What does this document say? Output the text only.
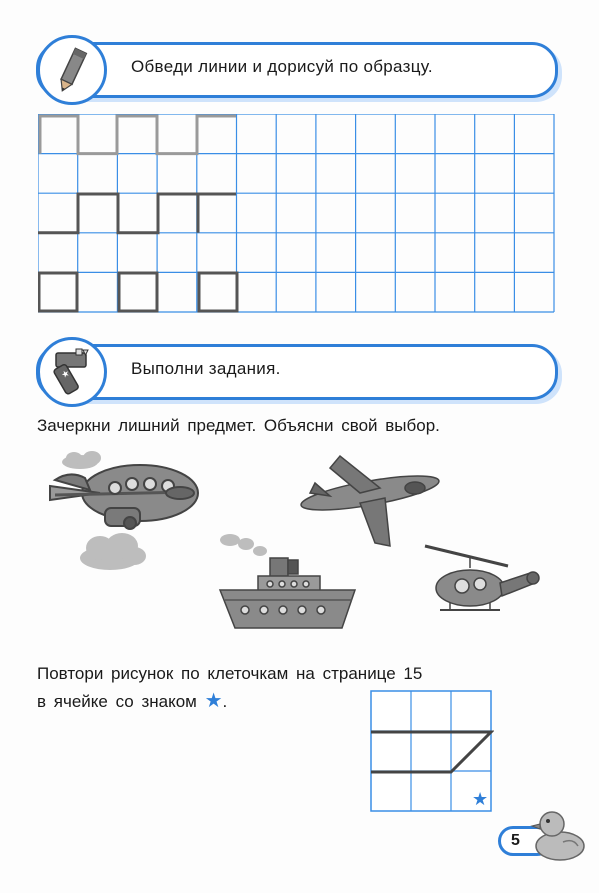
Обведи линии и дорисуй по образцу.
★	Выполни задания.
Зачеркни лишний предмет. Объясни свой выбор.
Повтори рисунок по клеточкам на странице 15
в ячейке со знаком ★.
★
5
